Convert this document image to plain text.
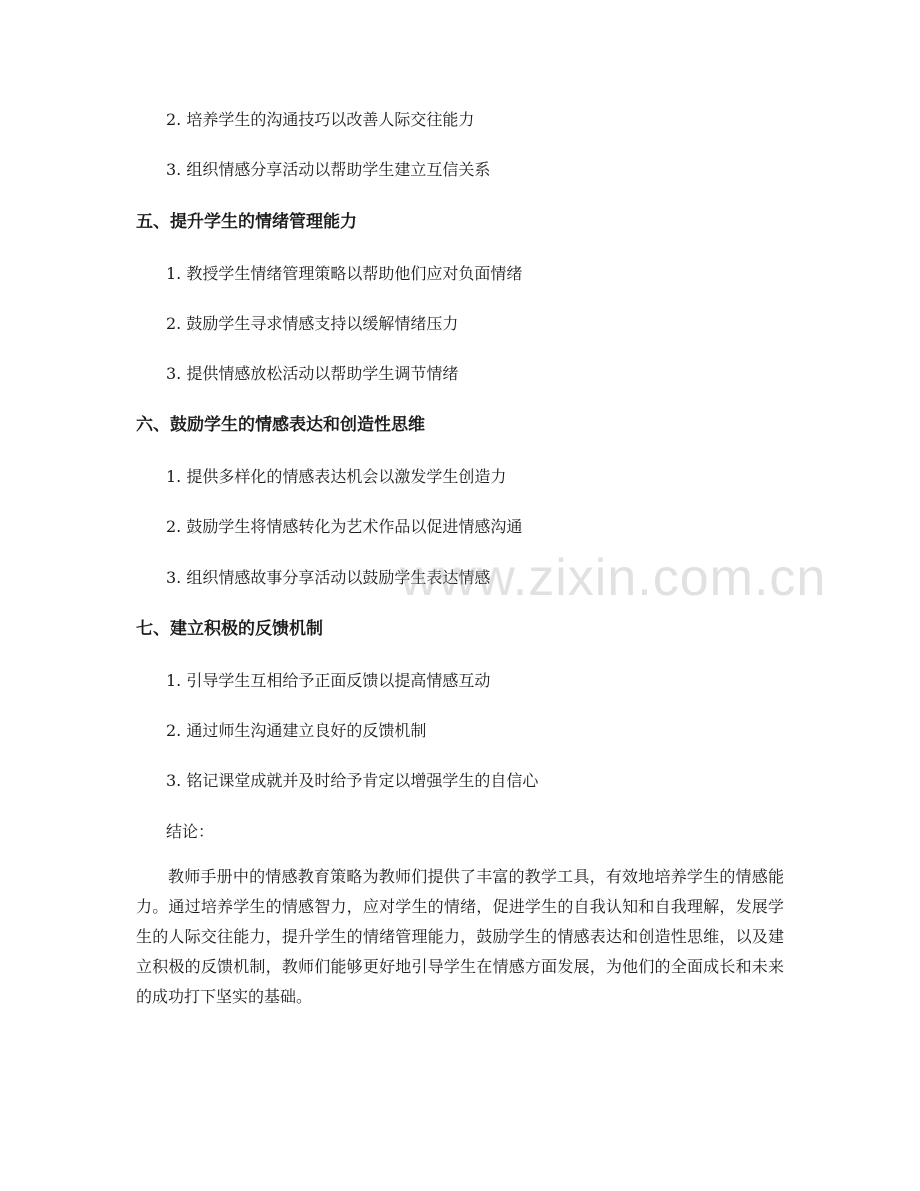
2. 培养学生的沟通技巧以改善人际交往能力
3. 组织情感分享活动以帮助学生建立互信关系
五、提升学生的情绪管理能力
1. 教授学生情绪管理策略以帮助他们应对负面情绪
2. 鼓励学生寻求情感支持以缓解情绪压力
3. 提供情感放松活动以帮助学生调节情绪
六、鼓励学生的情感表达和创造性思维
1. 提供多样化的情感表达机会以激发学生创造力
2. 鼓励学生将情感转化为艺术作品以促进情感沟通
3. 组织情感故事分享活动以鼓励学生表达情感
七、建立积极的反馈机制
1. 引导学生互相给予正面反馈以提高情感互动
2. 通过师生沟通建立良好的反馈机制
3. 铭记课堂成就并及时给予肯定以增强学生的自信心
结论：
教师手册中的情感教育策略为教师们提供了丰富的教学工具，有效地培养学生的情感能力。通过培养学生的情感智力，应对学生的情绪，促进学生的自我认知和自我理解，发展学生的人际交往能力，提升学生的情绪管理能力，鼓励学生的情感表达和创造性思维，以及建立积极的反馈机制，教师们能够更好地引导学生在情感方面发展，为他们的全面成长和未来的成功打下坚实的基础。
www.zixin.com.cn
